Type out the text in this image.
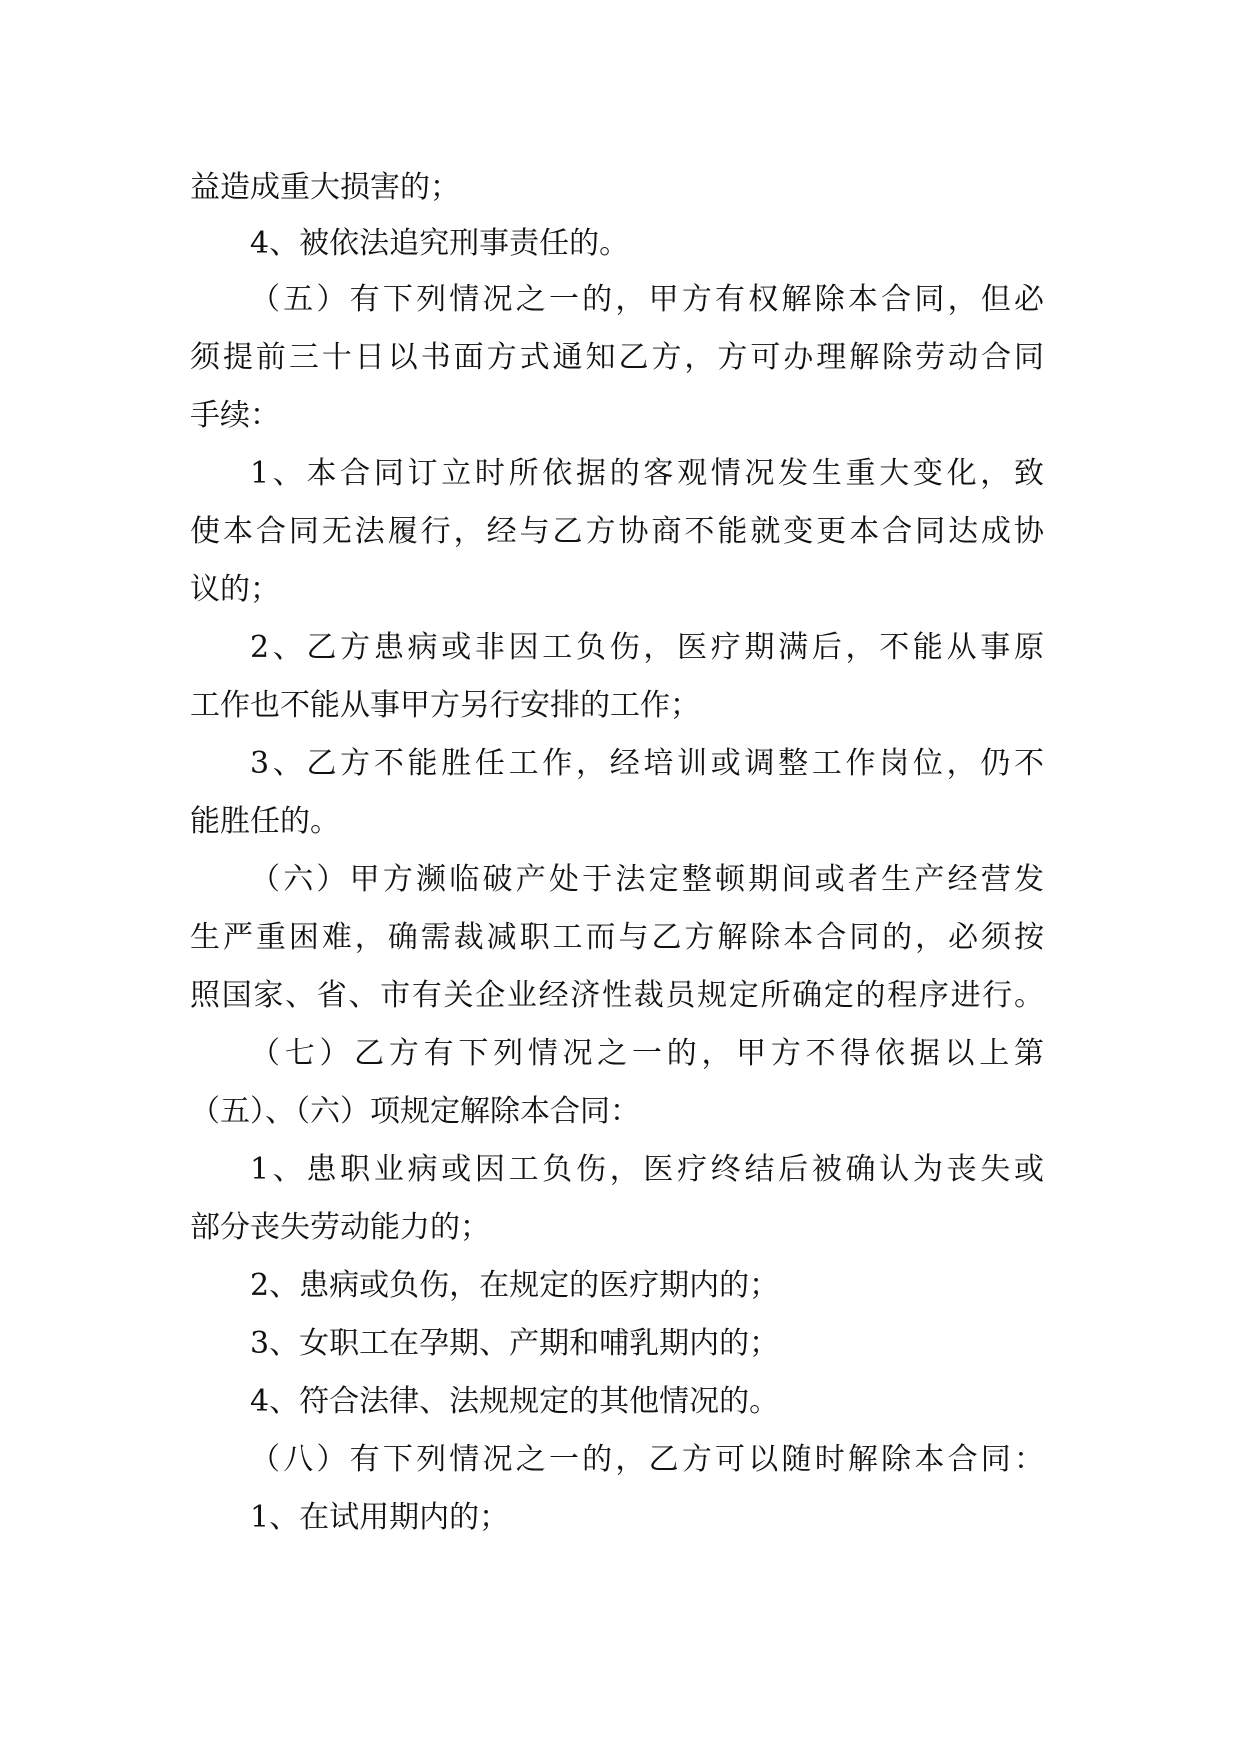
益造成重大损害的；
4、被依法追究刑事责任的。
（五）有下列情况之一的，甲方有权解除本合同，但必
须提前三十日以书面方式通知乙方，方可办理解除劳动合同
手续：
1、本合同订立时所依据的客观情况发生重大变化，致
使本合同无法履行，经与乙方协商不能就变更本合同达成协
议的；
2、乙方患病或非因工负伤，医疗期满后，不能从事原
工作也不能从事甲方另行安排的工作；
3、乙方不能胜任工作，经培训或调整工作岗位，仍不
能胜任的。
（六）甲方濒临破产处于法定整顿期间或者生产经营发
生严重困难，确需裁减职工而与乙方解除本合同的，必须按
照国家、省、市有关企业经济性裁员规定所确定的程序进行。
（七）乙方有下列情况之一的，甲方不得依据以上第
（五）、（六）项规定解除本合同：
1、患职业病或因工负伤，医疗终结后被确认为丧失或
部分丧失劳动能力的；
2、患病或负伤，在规定的医疗期内的；
3、女职工在孕期、产期和哺乳期内的；
4、符合法律、法规规定的其他情况的。
（八）有下列情况之一的，乙方可以随时解除本合同：
1、在试用期内的；
